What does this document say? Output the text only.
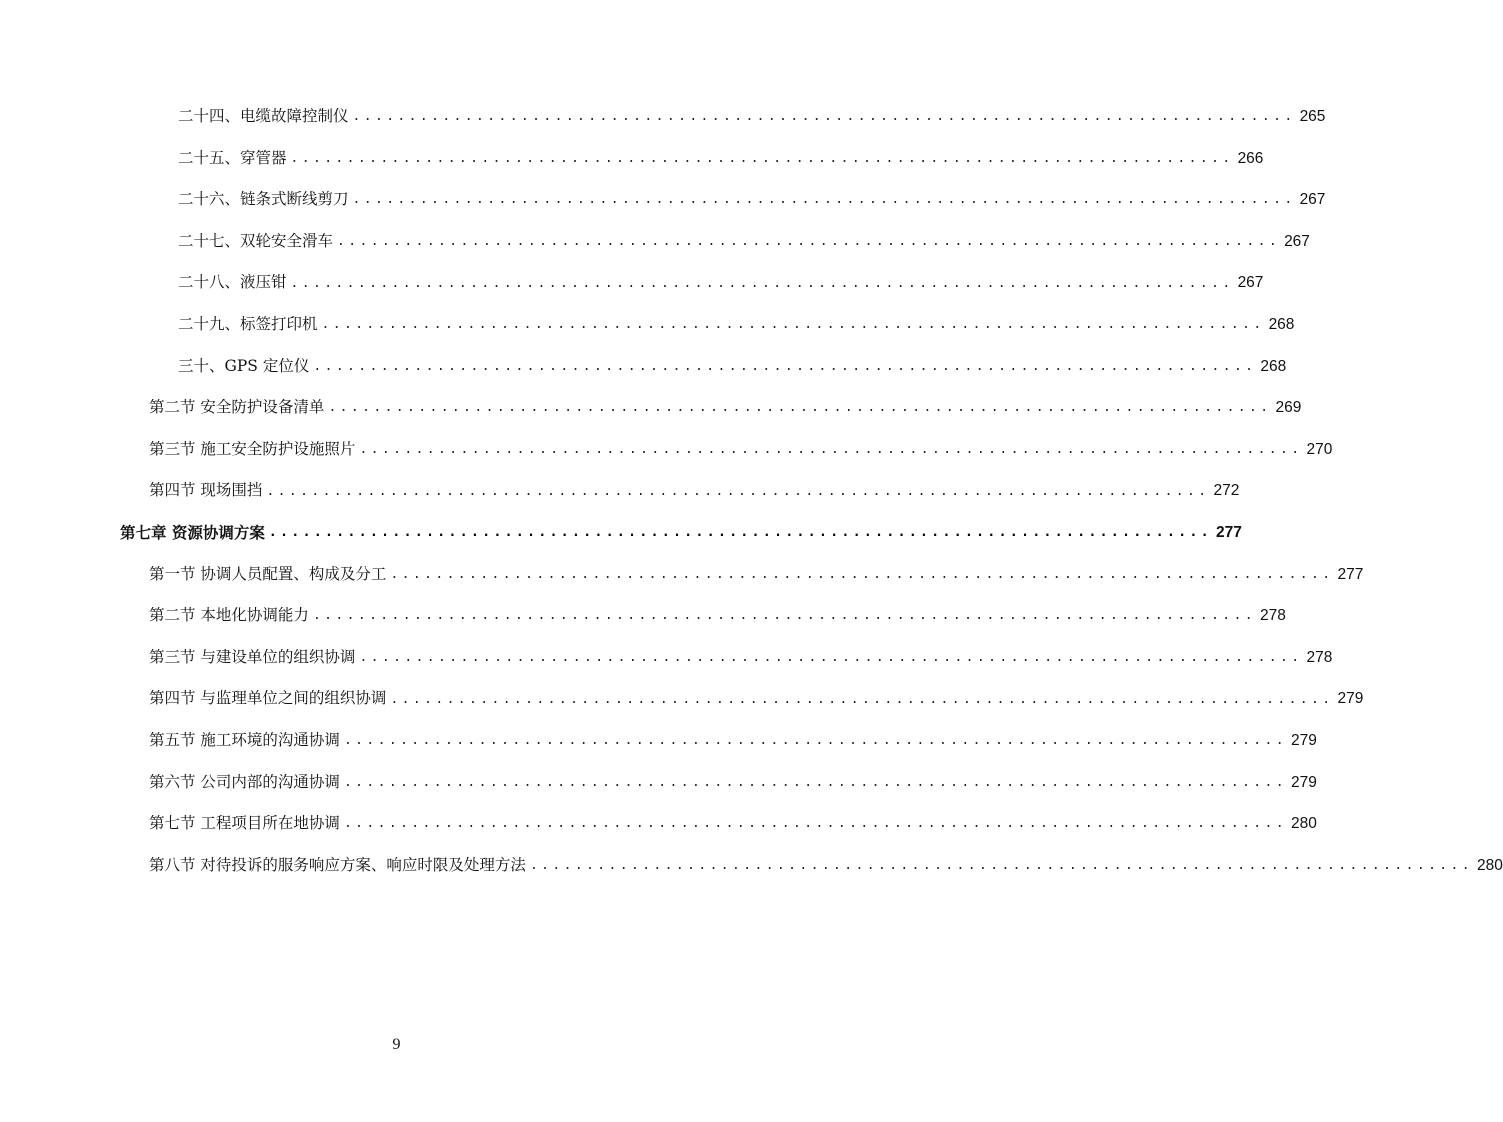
二十四、电缆故障控制仪 .................................................................................... 265
二十五、穿管器 .................................................................................... 266
二十六、链条式断线剪刀 .................................................................................... 267
二十七、双轮安全滑车 .................................................................................... 267
二十八、液压钳 .................................................................................... 267
二十九、标签打印机 .................................................................................... 268
三十、GPS 定位仪 .................................................................................... 268
第二节 安全防护设备清单 .................................................................................... 269
第三节 施工安全防护设施照片 .................................................................................... 270
第四节 现场围挡 .................................................................................... 272
第七章 资源协调方案 .................................................................................... 277
第一节 协调人员配置、构成及分工 .................................................................................... 277
第二节 本地化协调能力 .................................................................................... 278
第三节 与建设单位的组织协调 .................................................................................... 278
第四节 与监理单位之间的组织协调 .................................................................................... 279
第五节 施工环境的沟通协调 .................................................................................... 279
第六节 公司内部的沟通协调 .................................................................................... 279
第七节 工程项目所在地协调 .................................................................................... 280
第八节 对待投诉的服务响应方案、响应时限及处理方法 .................................................................................... 280
9
